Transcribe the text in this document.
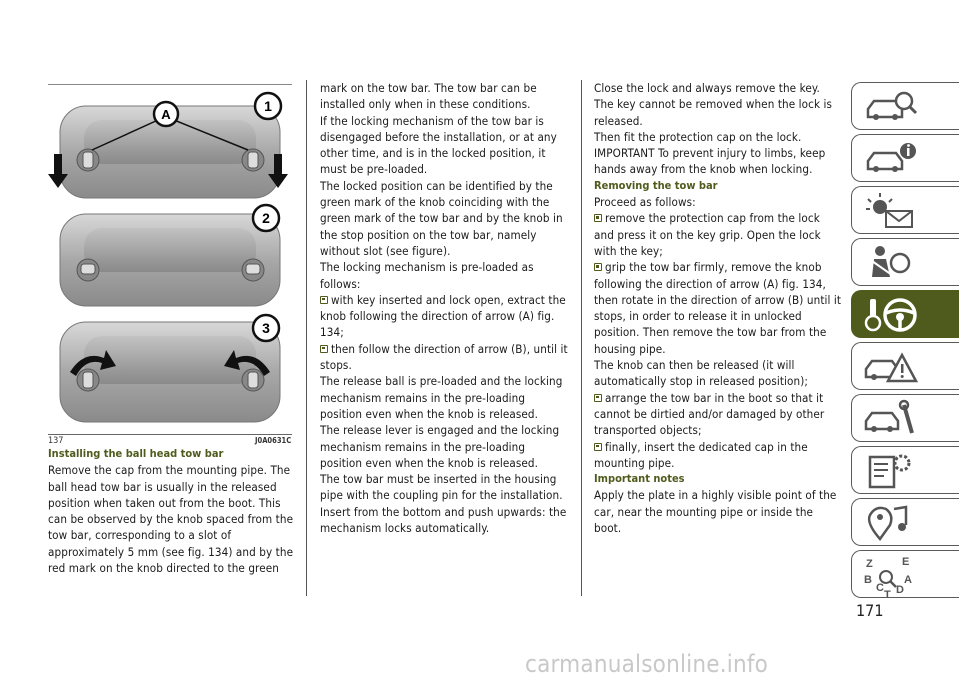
A
1
2
3
137	J0A0631C

Installing the ball head tow bar

Remove the cap from the mounting pipe. The ball head tow bar is usually in the released position when taken out from the boot. This can be observed by the knob spaced from the tow bar, corresponding to a slot of approximately 5 mm (see fig. 134) and by the red mark on the knob directed to the green

mark on the tow bar. The tow bar can be installed only when in these conditions.

If the locking mechanism of the tow bar is disengaged before the installation, or at any other time, and is in the locked position, it must be pre-loaded.

The locked position can be identified by the green mark of the knob coinciding with the green mark of the tow bar and by the knob in the stop position on the tow bar, namely without slot (see figure).

The locking mechanism is pre-loaded as follows:

with key inserted and lock open, extract the knob following the direction of arrow (A) fig. 134;

then follow the direction of arrow (B), until it stops.

The release ball is pre-loaded and the locking mechanism remains in the pre-loading position even when the knob is released.

The release lever is engaged and the locking mechanism remains in the pre-loading position even when the knob is released.

The tow bar must be inserted in the housing pipe with the coupling pin for the installation. Insert from the bottom and push upwards: the mechanism locks automatically.

Close the lock and always remove the key. The key cannot be removed when the lock is released.

Then fit the protection cap on the lock.

IMPORTANT To prevent injury to limbs, keep hands away from the knob when locking.

Removing the tow bar

Proceed as follows:

remove the protection cap from the lock and press it on the key grip. Open the lock with the key;

grip the tow bar firmly, remove the knob following the direction of arrow (A) fig. 134, then rotate in the direction of arrow (B) until it stops, in order to release it in unlocked position. Then remove the tow bar from the housing pipe.

The knob can then be released (it will automatically stop in released position);

arrange the tow bar in the boot so that it cannot be dirtied and/or damaged by other transported objects;

finally, insert the dedicated cap in the mounting pipe.

Important notes

Apply the plate in a highly visible point of the car, near the mounting pipe or inside the boot.

Z	E
B	A
C D
T
171
carmanualsonline.info
